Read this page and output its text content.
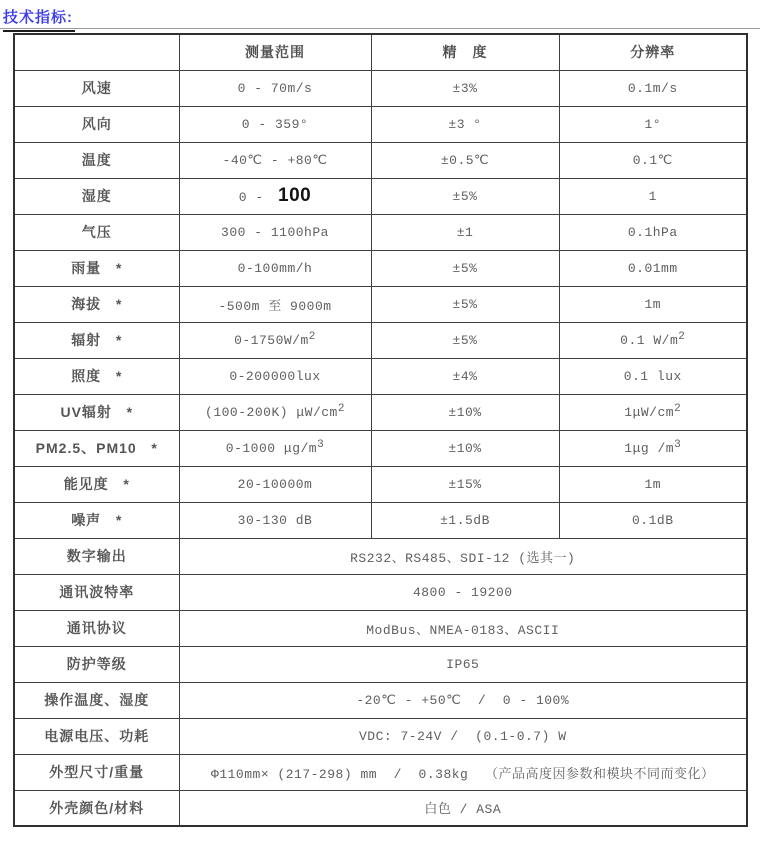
技术指标:
	测量范围	精　度	分辨率
风速	0 - 70m/s	±3%	0.1m/s
风向	0 - 359°	±3 °	1°
温度	-40℃ - +80℃	±0.5℃	0.1℃
湿度	0 - 100	±5%	1
气压	300 - 1100hPa	±1	0.1hPa
雨量   *	0-100mm/h	±5%	0.01mm
海拔   *	-500m 至 9000m	±5%	1m
辐射   *	$0-1750W/m^2$	±5%	0.1 $W/m^2$
照度   *	0-200000lux	±4%	0.1 lux
UV辐射   *	(100-200K) $\mu W/cm^2$	±10%	$1\mu W/cm^2$
PM2.5、PM10   *	0-1000 $\mu g/m^3$	±10%	1μg $/m^3$
能见度   *	20-10000m	±15%	1m
噪声   *	30-130 dB	±1.5dB	0.1dB
数字输出	RS232、RS485、SDI-12 (选其一)		
通讯波特率	4800 - 19200		
通讯协议	ModBus、NMEA-0183、ASCII		
防护等级	IP65		
操作温度、湿度	-20℃ - +50℃  /  0 - 100%		
电源电压、功耗	VDC: 7-24V /  (0.1-0.7) W		
外型尺寸/重量	Φ110mm× (217-298) mm  /  0.38kg  （产品高度因参数和模块不同而变化）		
外壳颜色/材料	白色 / ASA		
